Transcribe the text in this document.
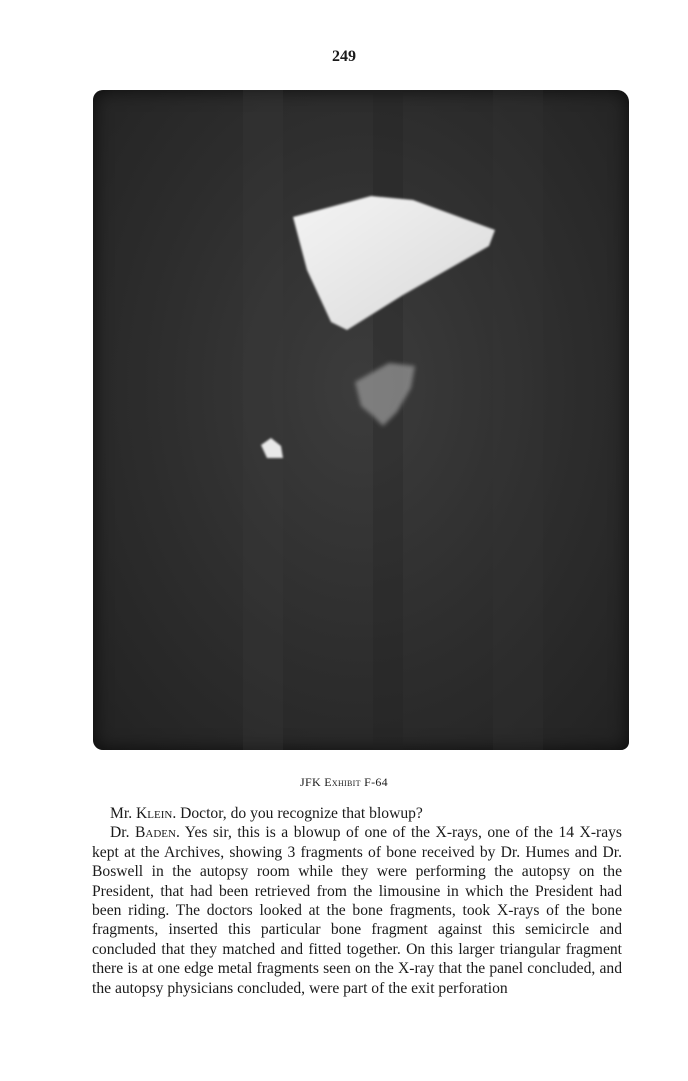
249
JFK Exhibit F-64

Mr. Klein. Doctor, do you recognize that blowup?

Dr. Baden. Yes sir, this is a blowup of one of the X-rays, one of the 14 X-rays kept at the Archives, showing 3 fragments of bone received by Dr. Humes and Dr. Boswell in the autopsy room while they were performing the autopsy on the President, that had been retrieved from the limousine in which the President had been riding. The doctors looked at the bone fragments, took X-rays of the bone fragments, inserted this particular bone fragment against this semicircle and concluded that they matched and fitted together. On this larger triangular fragment there is at one edge metal fragments seen on the X-ray that the panel concluded, and the autopsy physicians concluded, were part of the exit perforation
